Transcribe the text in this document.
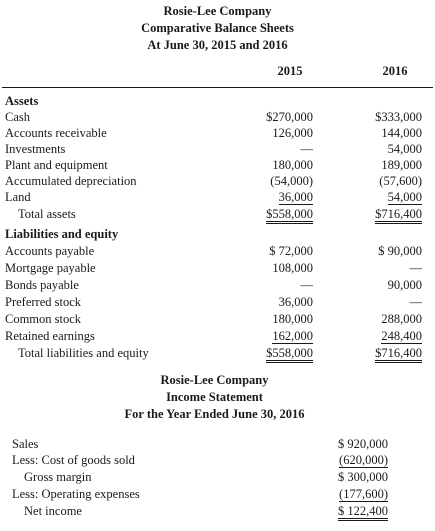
Rosie-Lee Company
Comparative Balance Sheets
At June 30, 2015 and 2016
2015	2016
Assets
Cash	$270,000	$333,000
Accounts receivable	126,000	144,000
Investments	—	54,000
Plant and equipment	180,000	189,000
Accumulated depreciation	(54,000)	(57,600)
Land	36,000	54,000
Total assets	$558,000	$716,400
Liabilities and equity
Accounts payable	$ 72,000	$ 90,000
Mortgage payable	108,000	—
Bonds payable	—	90,000
Preferred stock	36,000	—
Common stock	180,000	288,000
Retained earnings	162,000	248,400
Total liabilities and equity	$558,000	$716,400
Rosie-Lee Company
Income Statement
For the Year Ended June 30, 2016
Sales	$ 920,000
Less: Cost of goods sold	(620,000)
Gross margin	$ 300,000
Less: Operating expenses	(177,600)
Net income	$ 122,400
